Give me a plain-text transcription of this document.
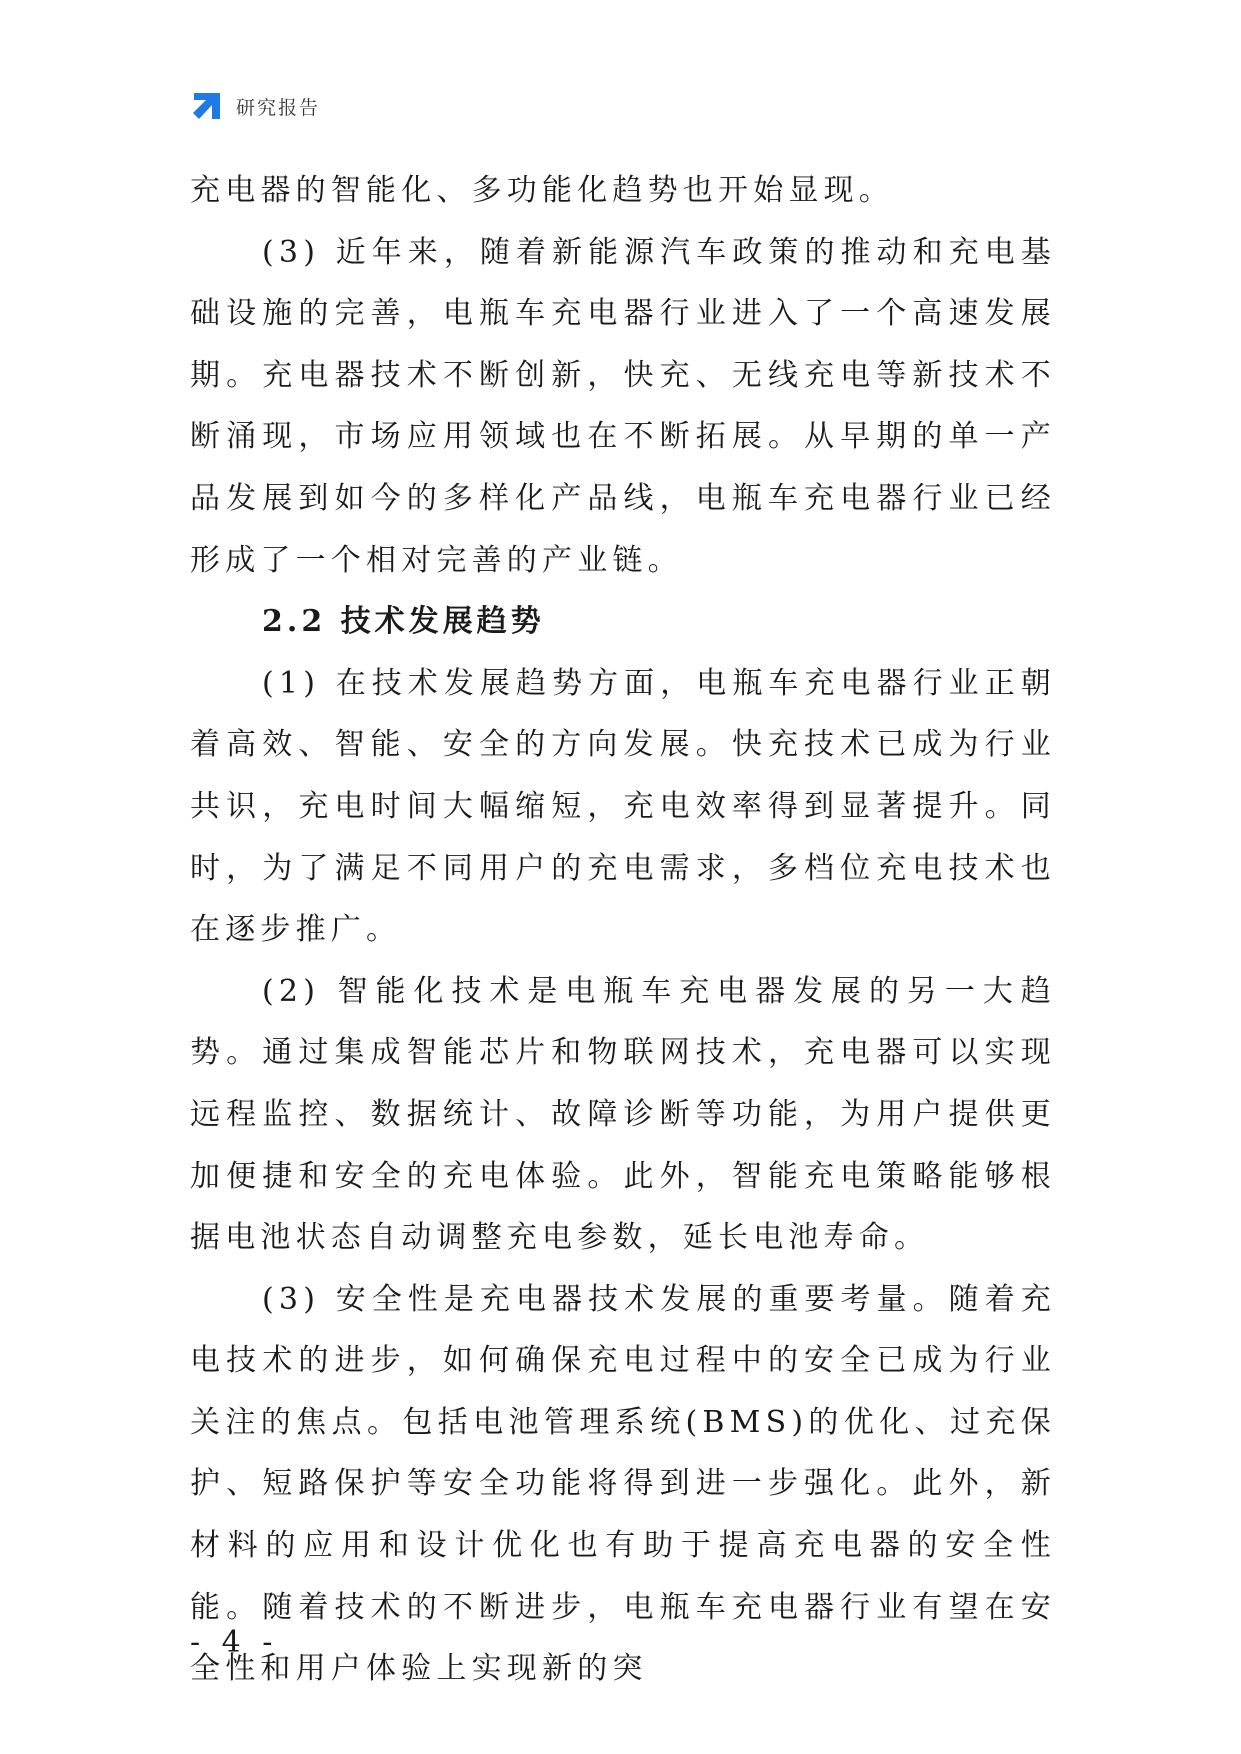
研究报告

充电器的智能化、多功能化趋势也开始显现。

(3) 近年来，随着新能源汽车政策的推动和充电基础设施的完善，电瓶车充电器行业进入了一个高速发展期。充电器技术不断创新，快充、无线充电等新技术不断涌现，市场应用领域也在不断拓展。从早期的单一产品发展到如今的多样化产品线，电瓶车充电器行业已经形成了一个相对完善的产业链。

2.2 技术发展趋势

(1) 在技术发展趋势方面，电瓶车充电器行业正朝着高效、智能、安全的方向发展。快充技术已成为行业共识，充电时间大幅缩短，充电效率得到显著提升。同时，为了满足不同用户的充电需求，多档位充电技术也在逐步推广。

(2) 智能化技术是电瓶车充电器发展的另一大趋势。通过集成智能芯片和物联网技术，充电器可以实现远程监控、数据统计、故障诊断等功能，为用户提供更加便捷和安全的充电体验。此外，智能充电策略能够根据电池状态自动调整充电参数，延长电池寿命。

(3) 安全性是充电器技术发展的重要考量。随着充电技术的进步，如何确保充电过程中的安全已成为行业关注的焦点。包括电池管理系统(BMS)的优化、过充保护、短路保护等安全功能将得到进一步强化。此外，新材料的应用和设计优化也有助于提高充电器的安全性能。随着技术的不断进步，电瓶车充电器行业有望在安全性和用户体验上实现新的突

- 4 -
